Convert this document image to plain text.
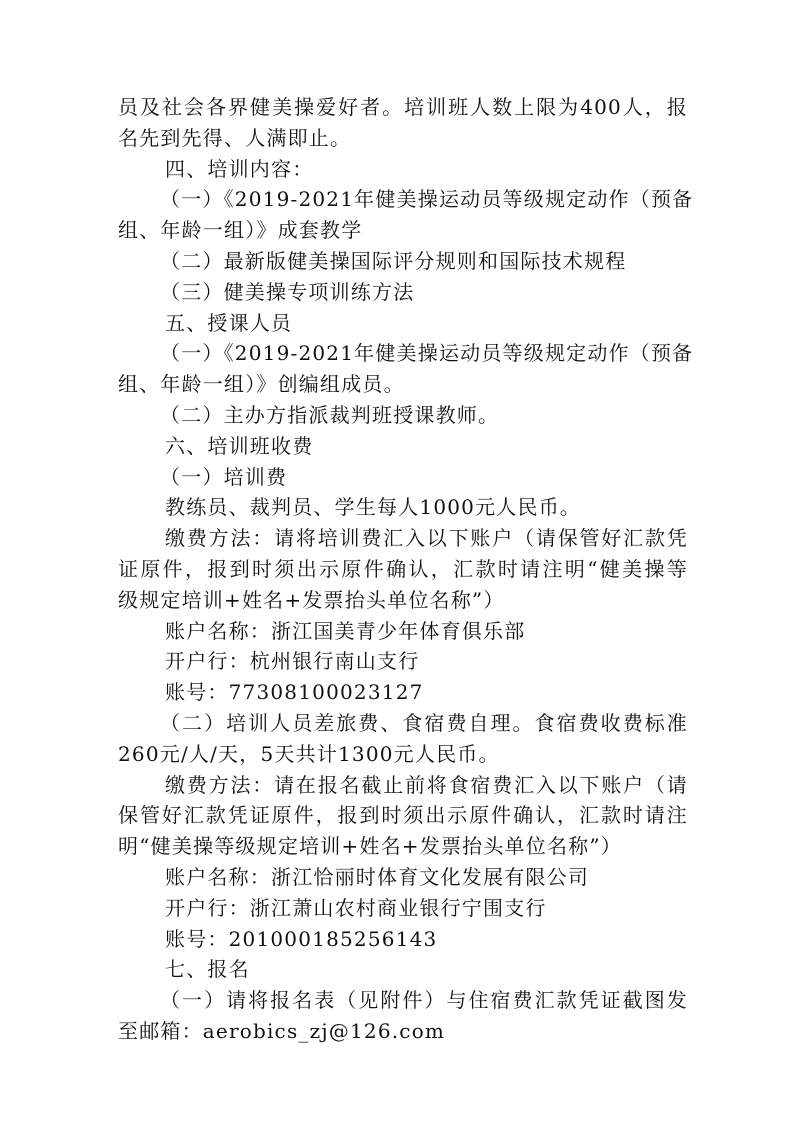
员及社会各界健美操爱好者。培训班人数上限为400人，报
名先到先得、人满即止。
四、培训内容：
（一）《2019-2021年健美操运动员等级规定动作（预备
组、年龄一组）》成套教学
（二）最新版健美操国际评分规则和国际技术规程
（三）健美操专项训练方法
五、授课人员
（一）《2019-2021年健美操运动员等级规定动作（预备
组、年龄一组）》创编组成员。
（二）主办方指派裁判班授课教师。
六、培训班收费
（一）培训费
教练员、裁判员、学生每人1000元人民币。
缴费方法：请将培训费汇入以下账户（请保管好汇款凭
证原件，报到时须出示原件确认，汇款时请注明“健美操等
级规定培训+姓名+发票抬头单位名称”）
账户名称：浙江国美青少年体育俱乐部
开户行：杭州银行南山支行
账号：77308100023127
（二）培训人员差旅费、食宿费自理。食宿费收费标准
260元/人/天，5天共计1300元人民币。
缴费方法：请在报名截止前将食宿费汇入以下账户（请
保管好汇款凭证原件，报到时须出示原件确认，汇款时请注
明“健美操等级规定培训+姓名+发票抬头单位名称”）
账户名称：浙江恰丽时体育文化发展有限公司
开户行：浙江萧山农村商业银行宁围支行
账号：201000185256143
七、报名
（一）请将报名表（见附件）与住宿费汇款凭证截图发
至邮箱：aerobics_zj@126.com
